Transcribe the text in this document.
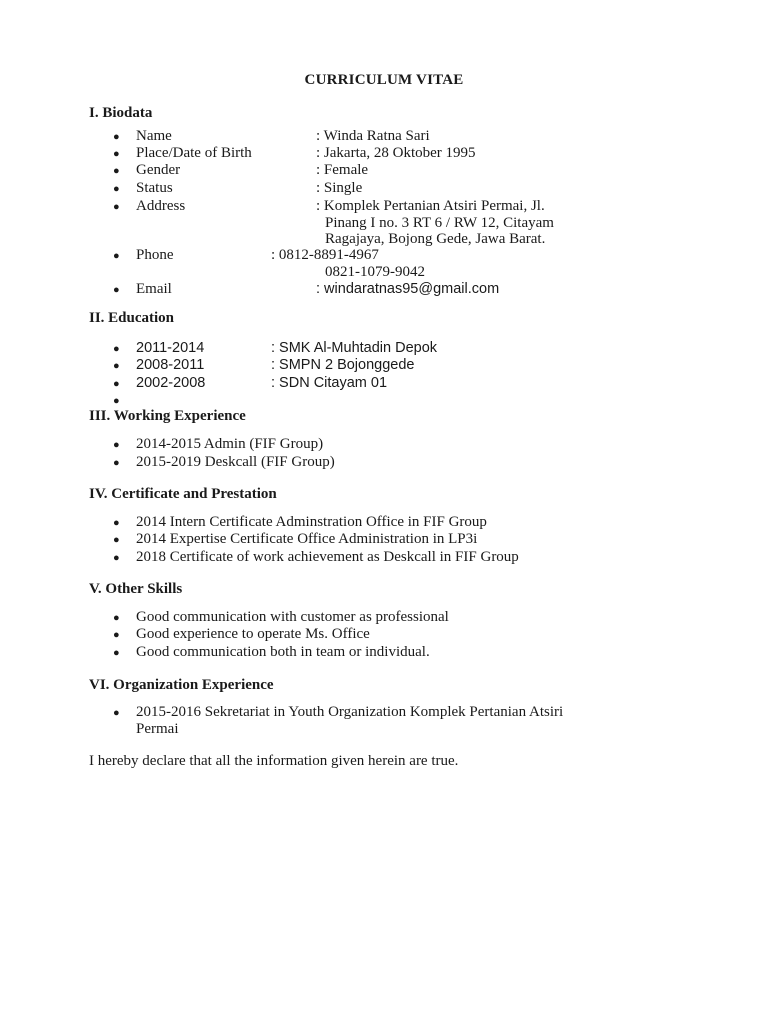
CURRICULUM VITAE
I. Biodata
● Name	: Winda Ratna Sari
● Place/Date of Birth	: Jakarta, 28 Oktober 1995
● Gender	: Female
● Status	: Single
● Address	: Komplek Pertanian Atsiri Permai, Jl.
Pinang I no. 3 RT 6 / RW 12, Citayam
Ragajaya, Bojong Gede, Jawa Barat.
● Phone	: 0812-8891-4967
0821-1079-9042
● Email	: windaratnas95@gmail.com
II. Education
● 2011-2014	: SMK Al-Muhtadin Depok
● 2008-2011	: SMPN 2 Bojonggede
● 2002-2008	: SDN Citayam 01
●
III. Working Experience
● 2014-2015 Admin (FIF Group)
● 2015-2019 Deskcall (FIF Group)
IV. Certificate and Prestation
● 2014 Intern Certificate Adminstration Office in FIF Group
● 2014 Expertise Certificate Office Administration in LP3i
● 2018 Certificate of work achievement as Deskcall in FIF Group
V. Other Skills
● Good communication with customer as professional
● Good experience to operate Ms. Office
● Good communication both in team or individual.
VI. Organization Experience
● 2015-2016 Sekretariat in Youth Organization Komplek Pertanian Atsiri
Permai
I hereby declare that all the information given herein are true.
